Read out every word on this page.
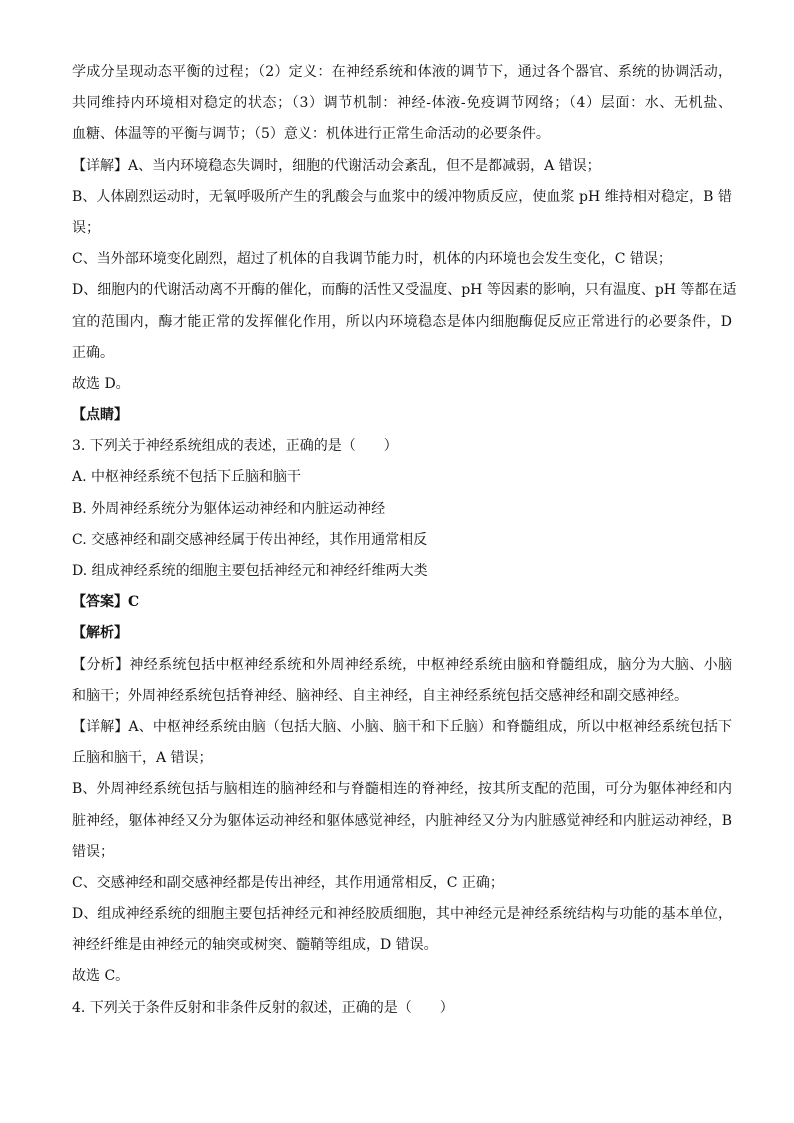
学成分呈现动态平衡的过程；（2）定义：在神经系统和体液的调节下，通过各个器官、系统的协调活动，
共同维持内环境相对稳定的状态；（3）调节机制：神经-体液-免疫调节网络；（4）层面：水、无机盐、
血糖、体温等的平衡与调节；（5）意义：机体进行正常生命活动的必要条件。
【详解】A、当内环境稳态失调时，细胞的代谢活动会紊乱，但不是都减弱，A 错误；
B、人体剧烈运动时，无氧呼吸所产生的乳酸会与血浆中的缓冲物质反应，使血浆 pH 维持相对稳定，B 错
误；
C、当外部环境变化剧烈，超过了机体的自我调节能力时，机体的内环境也会发生变化，C 错误；
D、细胞内的代谢活动离不开酶的催化，而酶的活性又受温度、pH 等因素的影响，只有温度、pH 等都在适
宜的范围内，酶才能正常的发挥催化作用，所以内环境稳态是体内细胞酶促反应正常进行的必要条件，D
正确。
故选 D。
【点睛】
3. 下列关于神经系统组成的表述，正确的是（　　）
A. 中枢神经系统不包括下丘脑和脑干
B. 外周神经系统分为躯体运动神经和内脏运动神经
C. 交感神经和副交感神经属于传出神经，其作用通常相反
D. 组成神经系统的细胞主要包括神经元和神经纤维两大类
【答案】C
【解析】
【分析】神经系统包括中枢神经系统和外周神经系统，中枢神经系统由脑和脊髓组成，脑分为大脑、小脑
和脑干；外周神经系统包括脊神经、脑神经、自主神经，自主神经系统包括交感神经和副交感神经。
【详解】A、中枢神经系统由脑（包括大脑、小脑、脑干和下丘脑）和脊髓组成，所以中枢神经系统包括下
丘脑和脑干，A 错误；
B、外周神经系统包括与脑相连的脑神经和与脊髓相连的脊神经，按其所支配的范围，可分为躯体神经和内
脏神经，躯体神经又分为躯体运动神经和躯体感觉神经，内脏神经又分为内脏感觉神经和内脏运动神经，B
错误；
C、交感神经和副交感神经都是传出神经，其作用通常相反，C 正确；
D、组成神经系统的细胞主要包括神经元和神经胶质细胞，其中神经元是神经系统结构与功能的基本单位，
神经纤维是由神经元的轴突或树突、髓鞘等组成，D 错误。
故选 C。
4. 下列关于条件反射和非条件反射的叙述，正确的是（　　）
